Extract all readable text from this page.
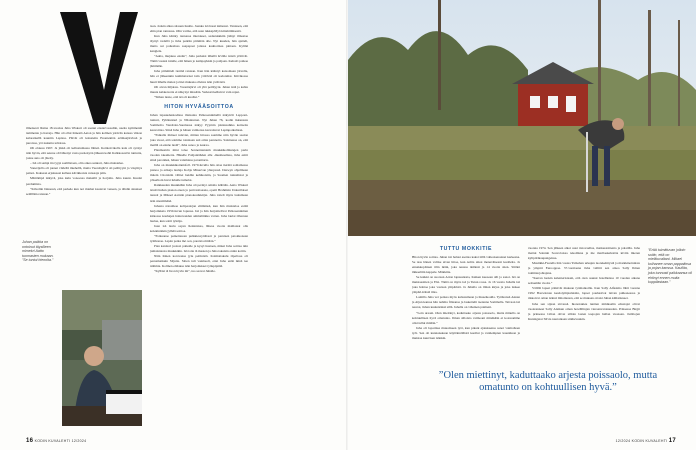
ilmeisesti lltaina 18-vuotias Juha Wiskari oli saanut ensiarvosaaliin, useita kymmeniä tammenia ja harreja. Hän oli ollut hänestä Aaton ja hän kolmen ystävän kanssa viikon kalaretkellä kauniin Lapissa. Päivät oli kalastettu Enontekiön erämaajärvissä ja puroissa, yöt nukuttu teltoissa.

Oli elokuu 1967. Ja jäskä oli kellastumassa lähteä. Kotikoivikolla kala oli syönyt niin hyvin, että seurue oli lähtenyt vasta puolenyön jälkeen kohti Kalkkoaavrin tunturia, jonne auto oli jätetty.

– Isä oli sampi iin tyypi saalilistaan, olin oikea sankari, Juha muistelee.

Vanerijolla oli pienet viidellä miehellä, mutta Vuonitsjärvi oli peilityyni ja väsymys painoi. Kaksaan erjaksaasi kalleus kävikkoista runsaaja päin.

Määrämpä näkyvä, joka kulu vonoessa makailti ja horjaltu. Juha kuuni. Kuulat pardumista.

”Kiiveltin lännessä, että perkele kun noi miehet kaatavat veneen, ja tähdin sinunsei selällään rantaan.”

Juhan paikka on ontoinut täysilleen mimekri Aatto tuomasten mukaan. ”Se tuntui hienolta.”

taan. Joskin alkaa sitauen huulio. Juanka isä hassi nimestet. Vantasen, että ehin pian rannassa. Olin varma, että saan tukkapöllyä kiirehtimisestä.

Kun Juha käänty rannassa mietokset, saderukkkiin jäänyt ilmastaa täyttyi vedellä ja Juha pantiin pimmän alle. Nyt kuuden, hän ajatteli, mutta sai poikatissa saapapaat jalassa kauhorinaa pintaan. Kylmä kangiele.

”Autta, mujaksa ensiin”, Juha parkaisi lähellä ärvälle isästä yrittivät. Tämä vastasi isäalle, että hänen jo kampaykkin ja pohjaan. Kehotti poikaa jämmään.

Juha pimmiteli tiermä rantaan. Kun hän kääntyi katsomaan järvelle, hän ei jälkeenkin kummatarnat isän yrittivää oli kadonmat. Kiivikossa huuti lähelle makoi ja hiei mukana olleista isän ystävistä.

Oli aivan hiljaista. Vuonitsjärvi oli yhä peilityyni. Juhan isää ja kahta muuta kalakaveria ei näkynyt missään. Vedessä kelluivat vain reput.

”Siihen tieste, että isä oli kuollut.”

HITON HYVÄÄSOITTOA

Juhan lapsuudenkodissa iltaisanta Pelkosennimellä näkyivät Lapponi-tunturi, Pyhätunturi ja Nilanturnet. Nyt Juhan 76, kodin ikkunasta Sommolta Vandroin-Suomessa näkyy Pyyrnin plantasalkka kotisetta kauvoittaa. Siinä Juha ja hänen vaimonsa kasvattavat Lapinpoikaltaan.

”Paikalla ttimeet tuleviet, mitten hitossa saamme niin hyvän saalon joka vuosi, että soimme toisinaan asti omia perunoita. Salainassa on, että meillä on ennäe tiedä”, Juha sanoo ja nauraa.

Planmastrin mini tolee Sonnernientem muukkikolmutejen parin vuoden takamerta. Hänelle Pohjantähden alle -musikaalissa, Juha esitti siinä paroniksi, hänen valemiasa paronitarta.

Juha on muukkikoinnisfoll. 1970-luvulla hän ottaa tiermä soittamassa pianoa ja artkaja laulaja Kobja Minervan yhteyessä. Daswyn ohjelmaan mitein Citonistin välitet heidän kehikoisiin, ja Suomen tunnalistai ja yökerhoin luvat luhalle tumaloi.

Raikkauden muukkihin Juha oli perinyt omalta isältään. Aatto Wiskari istutti huhan pianon eteen ja partvasttaaana, opetti Brahmsin Unkarilaiset tanssit ja Mikael Aarniin pianokoulukirjat. Juha totteli myös laulamaan isän säestämänä.

Juhasta näosttkaa kolipaalojan elämänsä, kun hän muisteloe esittä harjoituksia 1950-luvun lopussa. Isä ja hän harjoittelivat Pelkosennimen kirkossa kouhajen haluavanden ammaltiikka varten. Juha laulat Oberuan laulua, kun soitti tyinäja.

Juan isä laulu osyen Iieninnissa, lähesa vuotta mahlataat olla kolekinnikin jylhää soittoa.

”Poikaanse painettereen pulkkiessyttätasri ja peruisen patokkonaan tymhonaa. Lapén poika mé oon, paretsta mitäán.”

Pian kanttori juolosi paikalle ja kysyi hustaen, mikei Juha soittaa niin jumalaniosta muukkikin. Isä totte tä mesten ja Juha takaisin onnin kotiin.

Näin hänen koravansa jytu pettinistä. Kolmattakalu Opeltosa oli perusmatkuin Siljatta. Sitten tuli vanmeoli, ettei Juha enää ikinä tee niitimia. Kolmen eltäaksa isän harjoitukset työkpipäitä.

”Kylläsi tä hvon hyvin mi”, tuo saavai Juhalle.

16 KODIN KUVALEHTI 12/2024
”Erää tuimittuvan jolloin soitin, että on mielikuvaltani. Mikael kolhanee oman pappalinsa ja pojan kanssa. Kauliita, joka tunnusti paikkaansa oli ehtinyt ennen muita kuppilastaan.”
TUTTU MÖKKITIE

Hiton hyvin soittaa. Juhan isä halusi asettaa kaksi tällä valkoisenonnet karkeana. Se taas hänen valitse aivan hitoa, kun Aritta aikoi meneväisessä kuolleita. Ja ennakkopääsen tilin ikäni, joka neussa ikäänsä ja 14 vuotta siten. Siitäni ilkkaeltiin kappale. Mökkitie.

Se kaikki on suoraan Arton lapsuudesta, Kaiken kuoseen alli ja sanoi. Isä on muistaesitten ja Elsi. Tämä on myös isä ja Tutun rossa. Ja 16 vuotta Juhalla isä joka hohtaa joka vastaan ympäristä. Ja Juhalla on ilman kirjaa ja joka laskee ympäri-häistä tilaa.

Lomilla Juha vei poikaa myös kalastamaan ja hiuseikoulla. Tyttärensä Annan ja Aljan kanssa hän nahtita filiaansa ja laskettelit taetenna Sommalla. Taivaan isä nauroi, Juhan kuuleisänsä sillä. Juhalla on vihainen paimeni.

”Loin uraani. Olen miettinyt, kaduttaako arjesta poissaolo, mutta minulla on kohtuullisen hyvä omatunto. Ilman silloista vaimoani minäkään ei kotonamme olisi tullut mitään.”

Juha oli loparinsa muuatiseen työt, kun pikant ajatuksensa sanoi vaimolleen työt. Sen oli kunnanakaan käyttännöllistä kuollut ja vanhempien leuanhuon ja muistaa kuuvisen isänkin.

vuonna 1974. Sen jälkeen alkoi uusi ristovaellus, matkustoittenta ja palatilla. Juha mattui Soinnin Souvoloissa tekoiltuna ja me marilaakehottäa kiviin mieren kylipiirikaupungeissa.

Musiikki-Faarella hän vastaa Yamahan urkujen tuotekehitystä ja markkinoinnista ja ympäri Eurooppaa. 37-vuotiaana Juha vallitti sen ainoa Sally Ilmen toimintojohtajana.

”Kerran luokin kalenteristaani, että olen asunut hotellieissa 10 vuoden aikana seitsemän vuotta.”

Välillä lapset pääsivät mukaan työmatkoille. Kun Sally Alfasimo lähti vuonna 1992 Barcelonan kesäolympialaisiin, lapset pouhasivat laivan pulkoneessa ja rikkoivat oman isänsä ilmoitusten, että se mukaan ottaisi Juhan kihlattuneet.

Juha sen sijaan sirvessä. Ikonotakieu tuntien nimikaalin edustajat olivat vuokranneet Sally Aleikun oman hotellilinjan vieraanvaraisuuden. Prinsessa Birgit ja prinsessa Lilian olivat silloin lasten teepojan hallan vuonaan. Jumbojen Kuningatar Silvia nauroikaan sinihevuakin.

12/2024 KODIN KUVALEHTI 17
”Olen miettinyt, kaduttaako arjesta poissaolo, mutta omatunto on kohtuullisen hyvä.”
